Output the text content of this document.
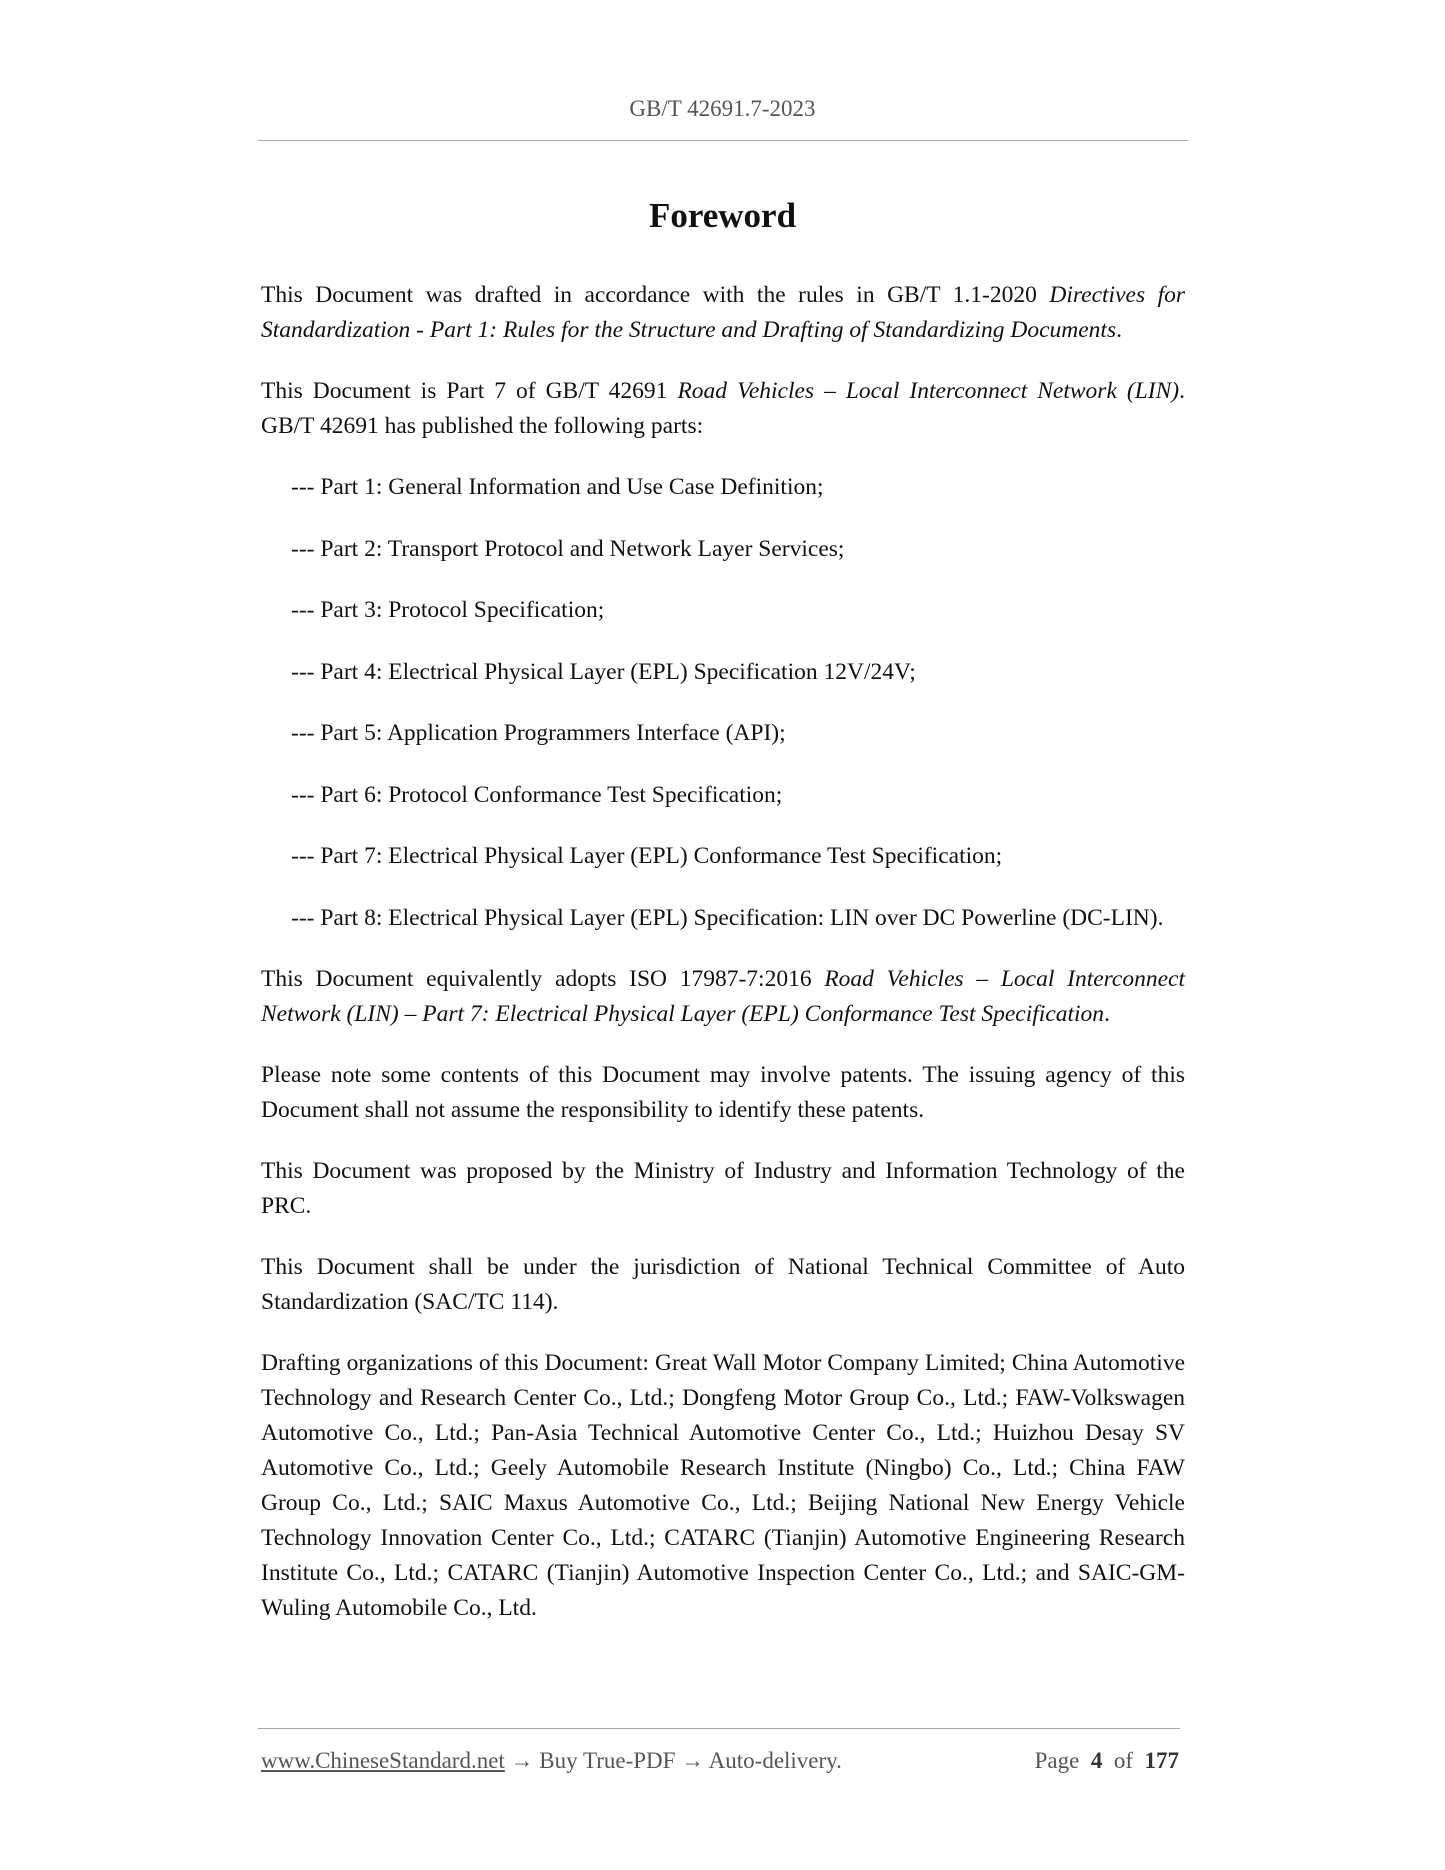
GB/T 42691.7-2023
Foreword

This Document was drafted in accordance with the rules in GB/T 1.1-2020 Directives for Standardization - Part 1: Rules for the Structure and Drafting of Standardizing Documents.

This Document is Part 7 of GB/T 42691 Road Vehicles – Local Interconnect Network (LIN). GB/T 42691 has published the following parts:

--- Part 1: General Information and Use Case Definition;
--- Part 2: Transport Protocol and Network Layer Services;
--- Part 3: Protocol Specification;
--- Part 4: Electrical Physical Layer (EPL) Specification 12V/24V;
--- Part 5: Application Programmers Interface (API);
--- Part 6: Protocol Conformance Test Specification;
--- Part 7: Electrical Physical Layer (EPL) Conformance Test Specification;
--- Part 8: Electrical Physical Layer (EPL) Specification: LIN over DC Powerline (DC-LIN).

This Document equivalently adopts ISO 17987-7:2016 Road Vehicles – Local Interconnect Network (LIN) – Part 7: Electrical Physical Layer (EPL) Conformance Test Specification.

Please note some contents of this Document may involve patents. The issuing agency of this Document shall not assume the responsibility to identify these patents.

This Document was proposed by the Ministry of Industry and Information Technology of the PRC.

This Document shall be under the jurisdiction of National Technical Committee of Auto Standardization (SAC/TC 114).

Drafting organizations of this Document: Great Wall Motor Company Limited; China Automotive Technology and Research Center Co., Ltd.; Dongfeng Motor Group Co., Ltd.; FAW-Volkswagen Automotive Co., Ltd.; Pan-Asia Technical Automotive Center Co., Ltd.; Huizhou Desay SV Automotive Co., Ltd.; Geely Automobile Research Institute (Ningbo) Co., Ltd.; China FAW Group Co., Ltd.; SAIC Maxus Automotive Co., Ltd.; Beijing National New Energy Vehicle Technology Innovation Center Co., Ltd.; CATARC (Tianjin) Automotive Engineering Research Institute Co., Ltd.; CATARC (Tianjin) Automotive Inspection Center Co., Ltd.; and SAIC-GM-Wuling Automobile Co., Ltd.

www.ChineseStandard.net → Buy True-PDF → Auto-delivery.	Page 4 of 177
